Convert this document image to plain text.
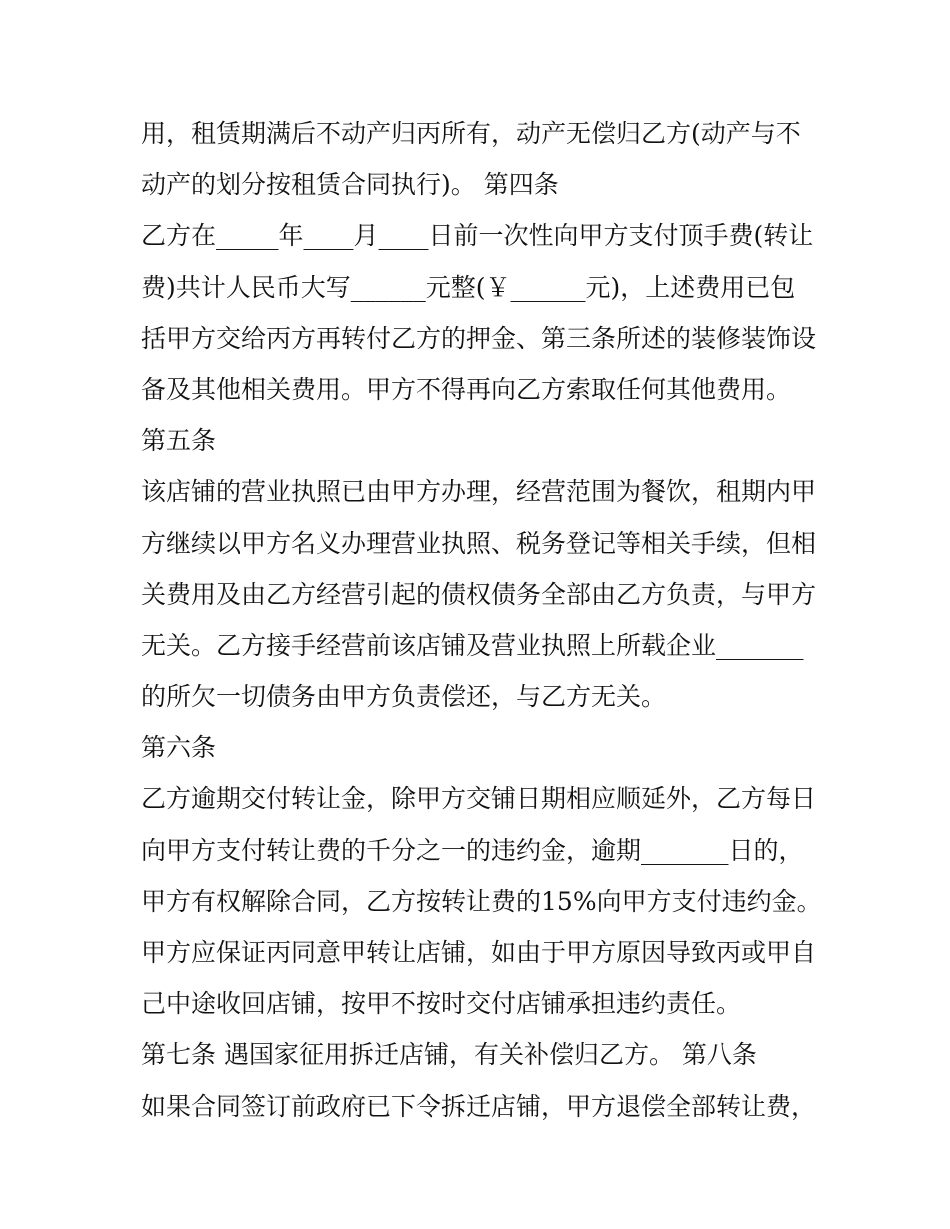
用，租赁期满后不动产归丙所有，动产无偿归乙方(动产与不
动产的划分按租赁合同执行)。 第四条
乙方在_____年____月____日前一次性向甲方支付顶手费(转让
费)共计人民币大写______元整(￥______元)，上述费用已包
括甲方交给丙方再转付乙方的押金、第三条所述的装修装饰设
备及其他相关费用。甲方不得再向乙方索取任何其他费用。
第五条
该店铺的营业执照已由甲方办理，经营范围为餐饮，租期内甲
方继续以甲方名义办理营业执照、税务登记等相关手续，但相
关费用及由乙方经营引起的债权债务全部由乙方负责，与甲方
无关。乙方接手经营前该店铺及营业执照上所载企业_______
的所欠一切债务由甲方负责偿还，与乙方无关。
第六条
乙方逾期交付转让金，除甲方交铺日期相应顺延外，乙方每日
向甲方支付转让费的千分之一的违约金，逾期_______日的，
甲方有权解除合同，乙方按转让费的15%向甲方支付违约金。
甲方应保证丙同意甲转让店铺，如由于甲方原因导致丙或甲自
己中途收回店铺，按甲不按时交付店铺承担违约责任。
第七条 遇国家征用拆迁店铺，有关补偿归乙方。 第八条
如果合同签订前政府已下令拆迁店铺，甲方退偿全部转让费，
